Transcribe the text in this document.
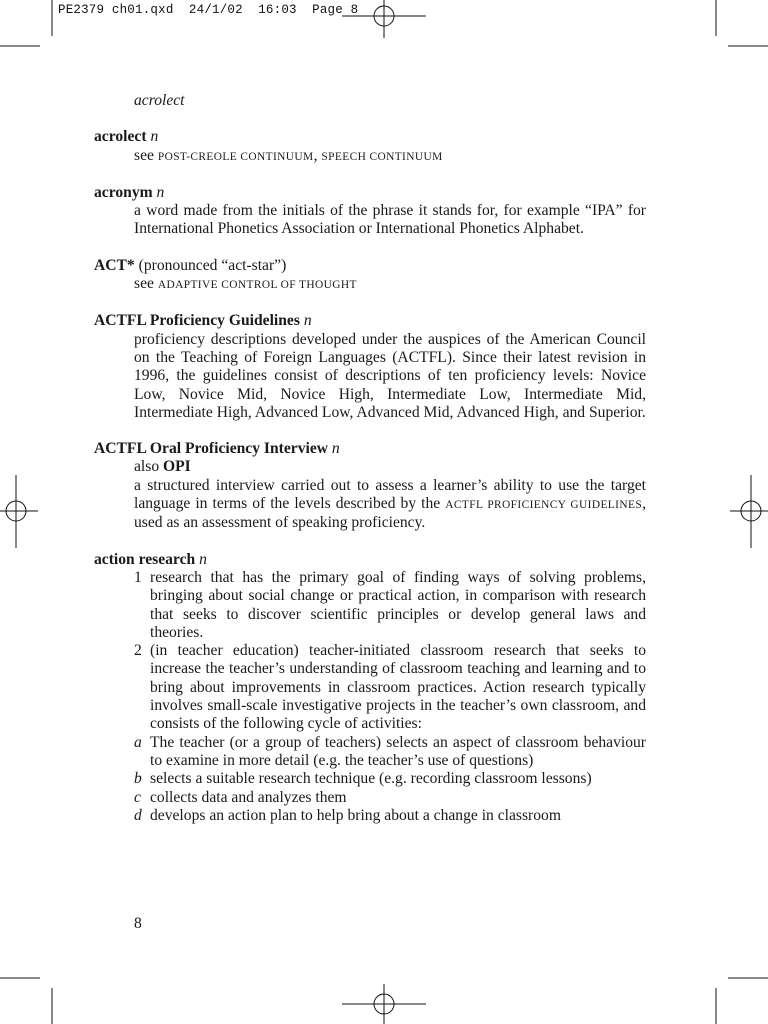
PE2379 ch01.qxd  24/1/02  16:03  Page 8
acrolect
acrolect n
see POST-CREOLE CONTINUUM, SPEECH CONTINUUM
acronym n
a word made from the initials of the phrase it stands for, for example “IPA” for International Phonetics Association or International Phonetics Alphabet.
ACT* (pronounced “act-star”)
see ADAPTIVE CONTROL OF THOUGHT
ACTFL Proficiency Guidelines n
proficiency descriptions developed under the auspices of the American Council on the Teaching of Foreign Languages (ACTFL). Since their latest revision in 1996, the guidelines consist of descriptions of ten proficiency levels: Novice Low, Novice Mid, Novice High, Intermediate Low, Intermediate Mid, Intermediate High, Advanced Low, Advanced Mid, Advanced High, and Superior.
ACTFL Oral Proficiency Interview n
also OPI
a structured interview carried out to assess a learner’s ability to use the target language in terms of the levels described by the ACTFL PROFICIENCY GUIDELINES, used as an assessment of speaking proficiency.
action research n
1 research that has the primary goal of finding ways of solving problems, bringing about social change or practical action, in comparison with research that seeks to discover scientific principles or develop general laws and theories.
2 (in teacher education) teacher-initiated classroom research that seeks to increase the teacher’s understanding of classroom teaching and learning and to bring about improvements in classroom practices. Action research typically involves small-scale investigative projects in the teacher’s own classroom, and consists of the following cycle of activities:
a The teacher (or a group of teachers) selects an aspect of classroom behaviour to examine in more detail (e.g. the teacher’s use of questions)
b selects a suitable research technique (e.g. recording classroom lessons)
c collects data and analyzes them
d develops an action plan to help bring about a change in classroom
8
